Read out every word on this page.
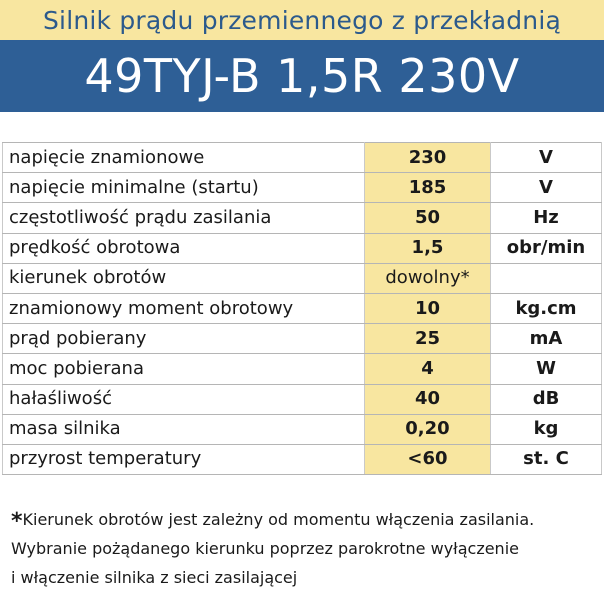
Silnik prądu przemiennego z przekładnią
49TYJ-B 1,5R 230V
napięcie znamionowe	230	V
napięcie minimalne (startu)	185	V
częstotliwość prądu zasilania	50	Hz
prędkość obrotowa	1,5	obr/min
kierunek obrotów	dowolny*	
znamionowy moment obrotowy	10	kg.cm
prąd pobierany	25	mA
moc pobierana	4	W
hałaśliwość	40	dB
masa silnika	0,20	kg
przyrost temperatury	<60	st. C
*Kierunek obrotów jest zależny od momentu włączenia zasilania.
Wybranie pożądanego kierunku poprzez parokrotne wyłączenie
i włączenie silnika z sieci zasilającej
